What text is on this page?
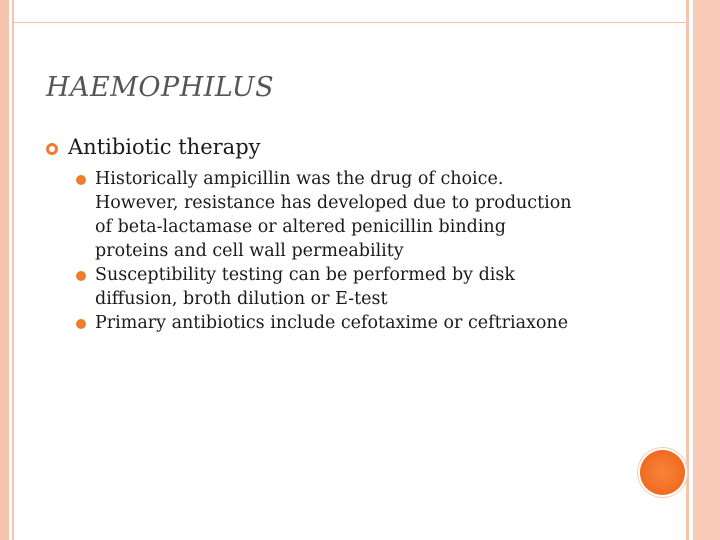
HAEMOPHILUS
Antibiotic therapy
Historically ampicillin was the drug of choice.
However, resistance has developed due to production
of beta-lactamase or altered penicillin binding
proteins and cell wall permeability
Susceptibility testing can be performed by disk
diffusion, broth dilution or E-test
Primary antibiotics include cefotaxime or ceftriaxone
